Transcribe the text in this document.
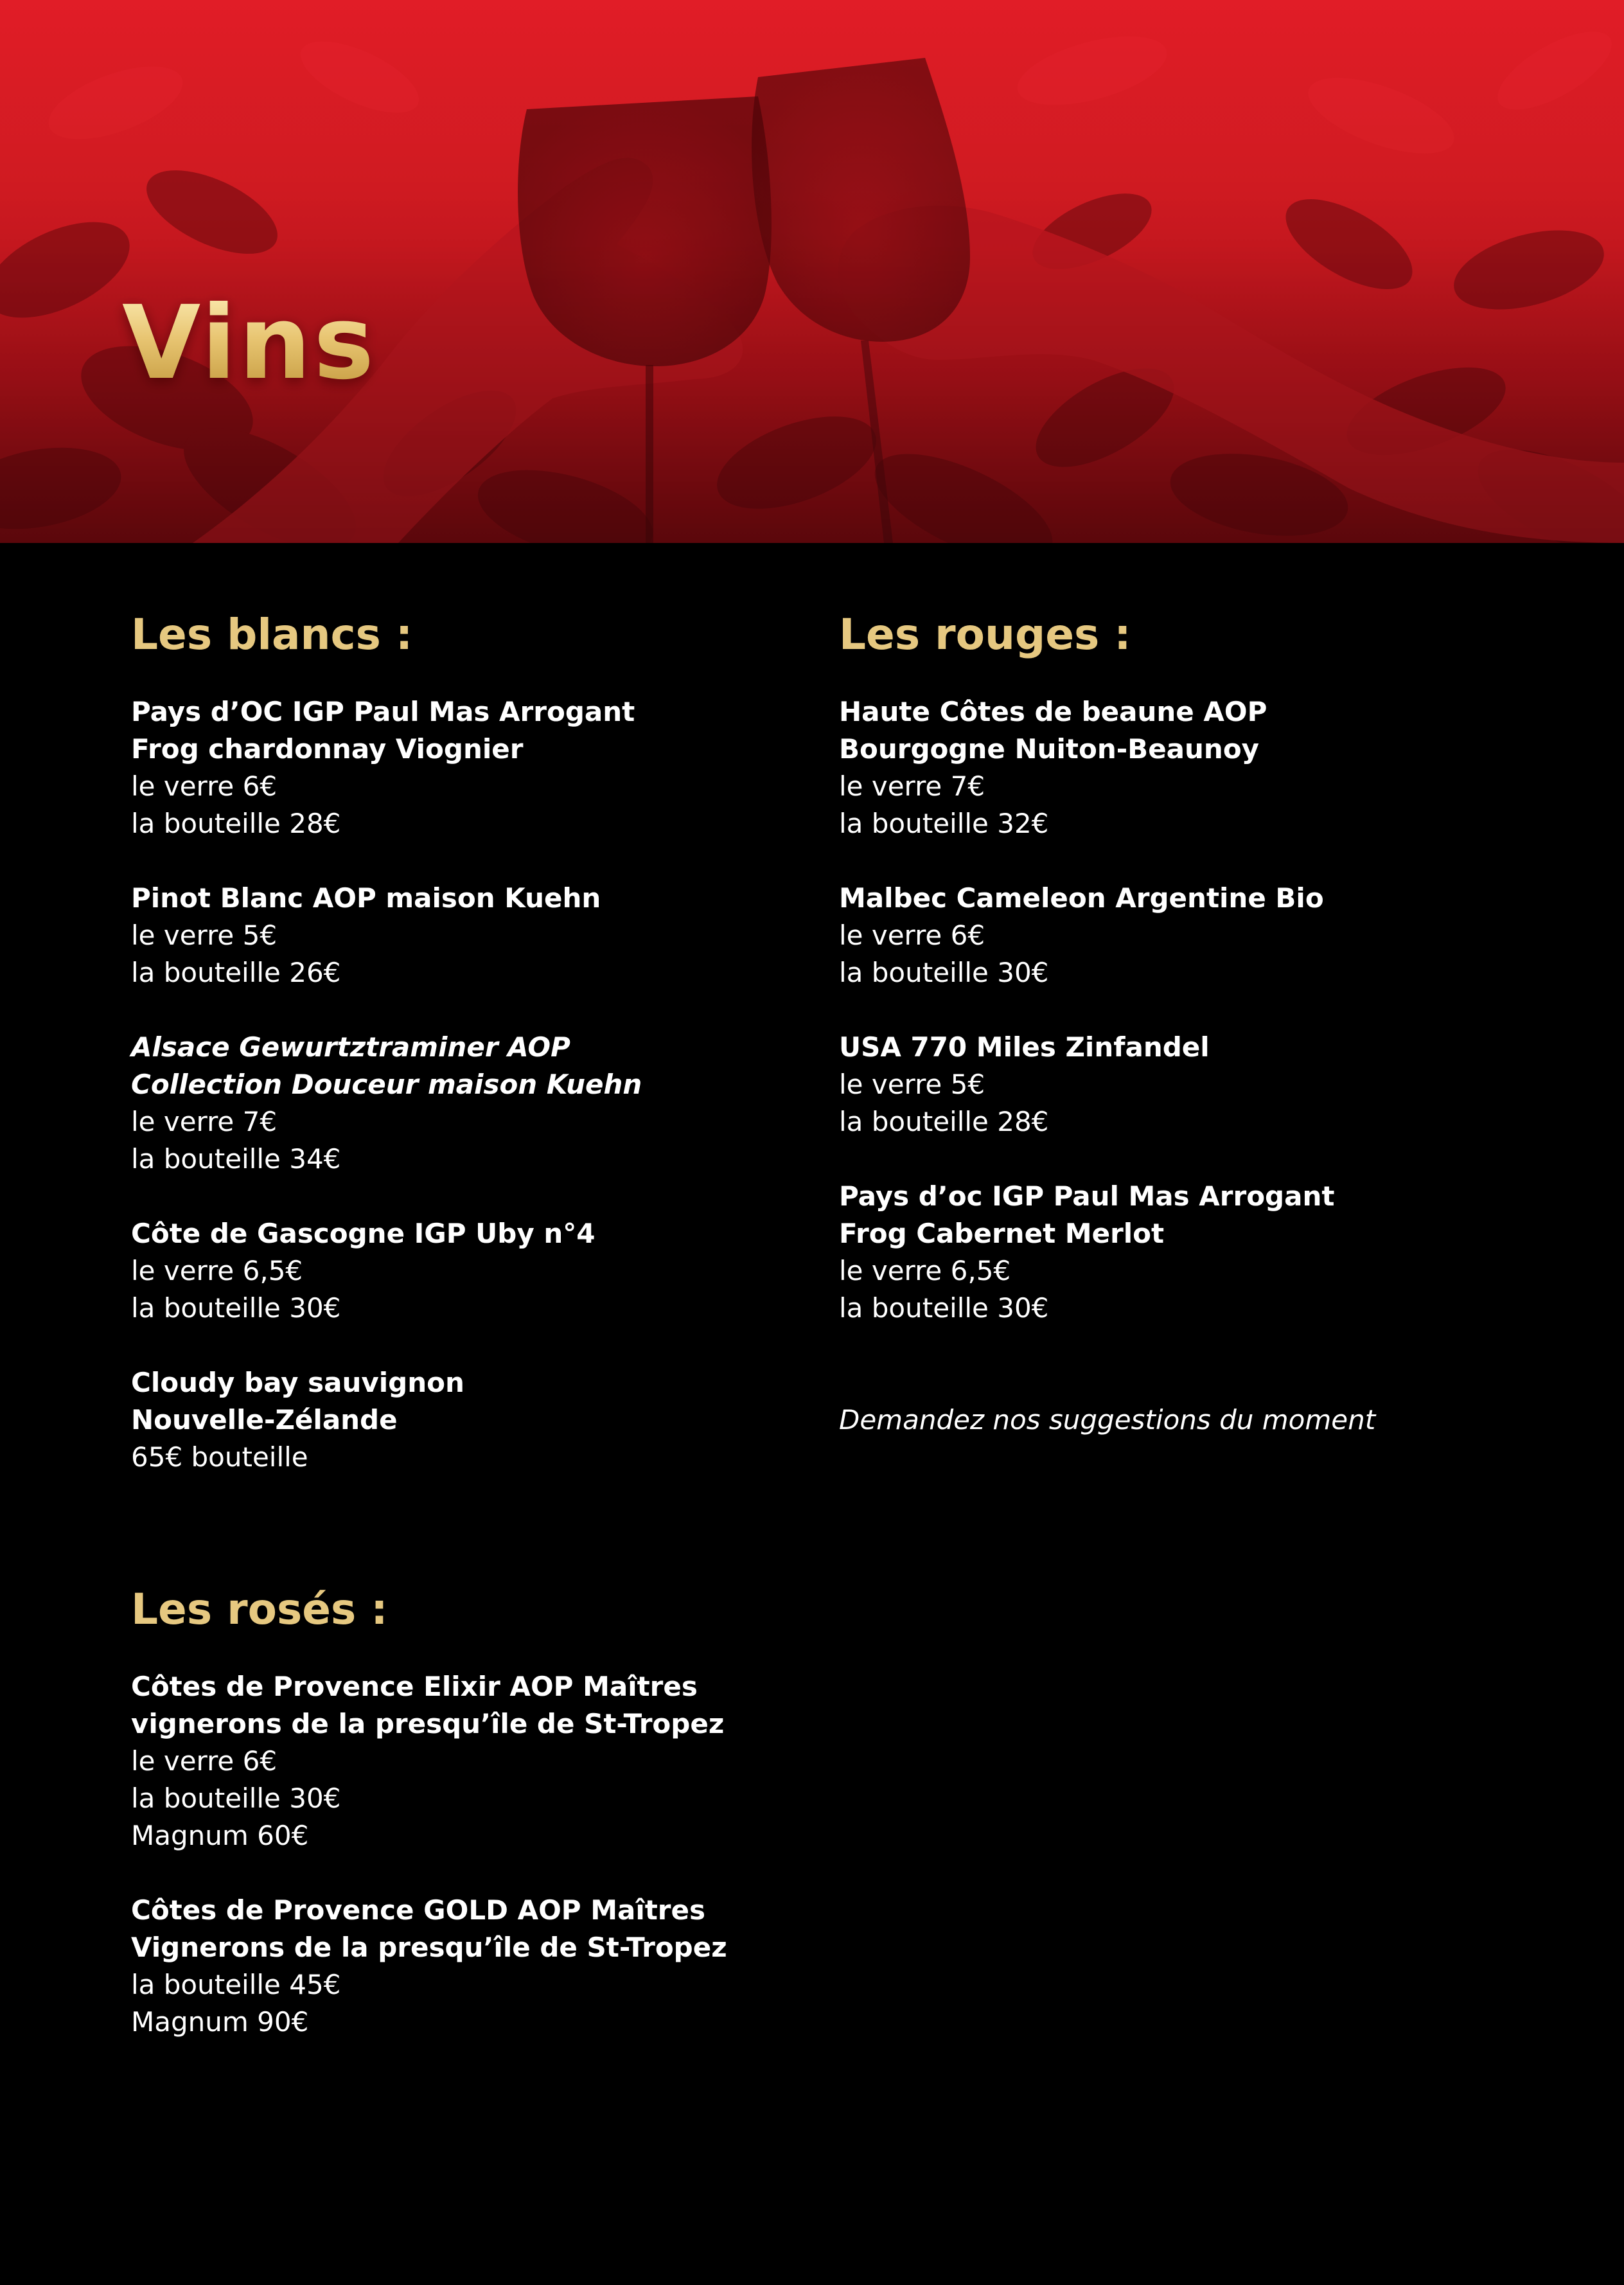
Vins
Les blancs :
Pays d’OC IGP Paul Mas Arrogant
Frog chardonnay Viognier
le verre 6€
la bouteille 28€
Pinot Blanc AOP maison Kuehn
le verre 5€
la bouteille 26€
Alsace Gewurtztraminer AOP
Collection Douceur maison Kuehn
le verre 7€
la bouteille 34€
Côte de Gascogne IGP Uby n°4
le verre 6,5€
la bouteille 30€
Cloudy bay sauvignon
Nouvelle-Zélande
65€ bouteille
Les rouges :
Haute Côtes de beaune AOP
Bourgogne Nuiton-Beaunoy
le verre 7€
la bouteille 32€
Malbec Cameleon Argentine Bio
le verre 6€
la bouteille 30€
USA 770 Miles Zinfandel
le verre 5€
la bouteille 28€
Pays d’oc IGP Paul Mas Arrogant
Frog Cabernet Merlot
le verre 6,5€
la bouteille 30€
Demandez nos suggestions du moment
Les rosés :
Côtes de Provence Elixir AOP Maîtres
vignerons de la presqu’île de St-Tropez
le verre 6€
la bouteille 30€
Magnum 60€
Côtes de Provence GOLD AOP Maîtres
Vignerons de la presqu’île de St-Tropez
la bouteille 45€
Magnum 90€
